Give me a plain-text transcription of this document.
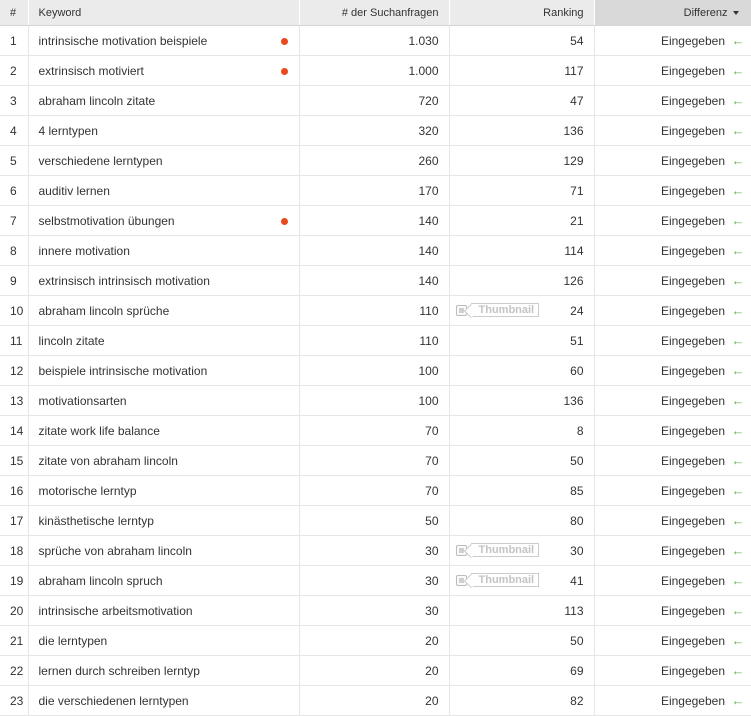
#	Keyword	# der Suchanfragen	Ranking	Differenz
1	intrinsische motivation beispiele	1.030	54	Eingegeben ←
2	extrinsisch motiviert	1.000	117	Eingegeben ←
3	abraham lincoln zitate	720	47	Eingegeben ←
4	4 lerntypen	320	136	Eingegeben ←
5	verschiedene lerntypen	260	129	Eingegeben ←
6	auditiv lernen	170	71	Eingegeben ←
7	selbstmotivation übungen	140	21	Eingegeben ←
8	innere motivation	140	114	Eingegeben ←
9	extrinsisch intrinsisch motivation	140	126	Eingegeben ←
10	abraham lincoln sprüche	110	Thumbnail 24	Eingegeben ←
11	lincoln zitate	110	51	Eingegeben ←
12	beispiele intrinsische motivation	100	60	Eingegeben ←
13	motivationsarten	100	136	Eingegeben ←
14	zitate work life balance	70	8	Eingegeben ←
15	zitate von abraham lincoln	70	50	Eingegeben ←
16	motorische lerntyp	70	85	Eingegeben ←
17	kinästhetische lerntyp	50	80	Eingegeben ←
18	sprüche von abraham lincoln	30	Thumbnail 30	Eingegeben ←
19	abraham lincoln spruch	30	Thumbnail 41	Eingegeben ←
20	intrinsische arbeitsmotivation	30	113	Eingegeben ←
21	die lerntypen	20	50	Eingegeben ←
22	lernen durch schreiben lerntyp	20	69	Eingegeben ←
23	die verschiedenen lerntypen	20	82	Eingegeben ←
